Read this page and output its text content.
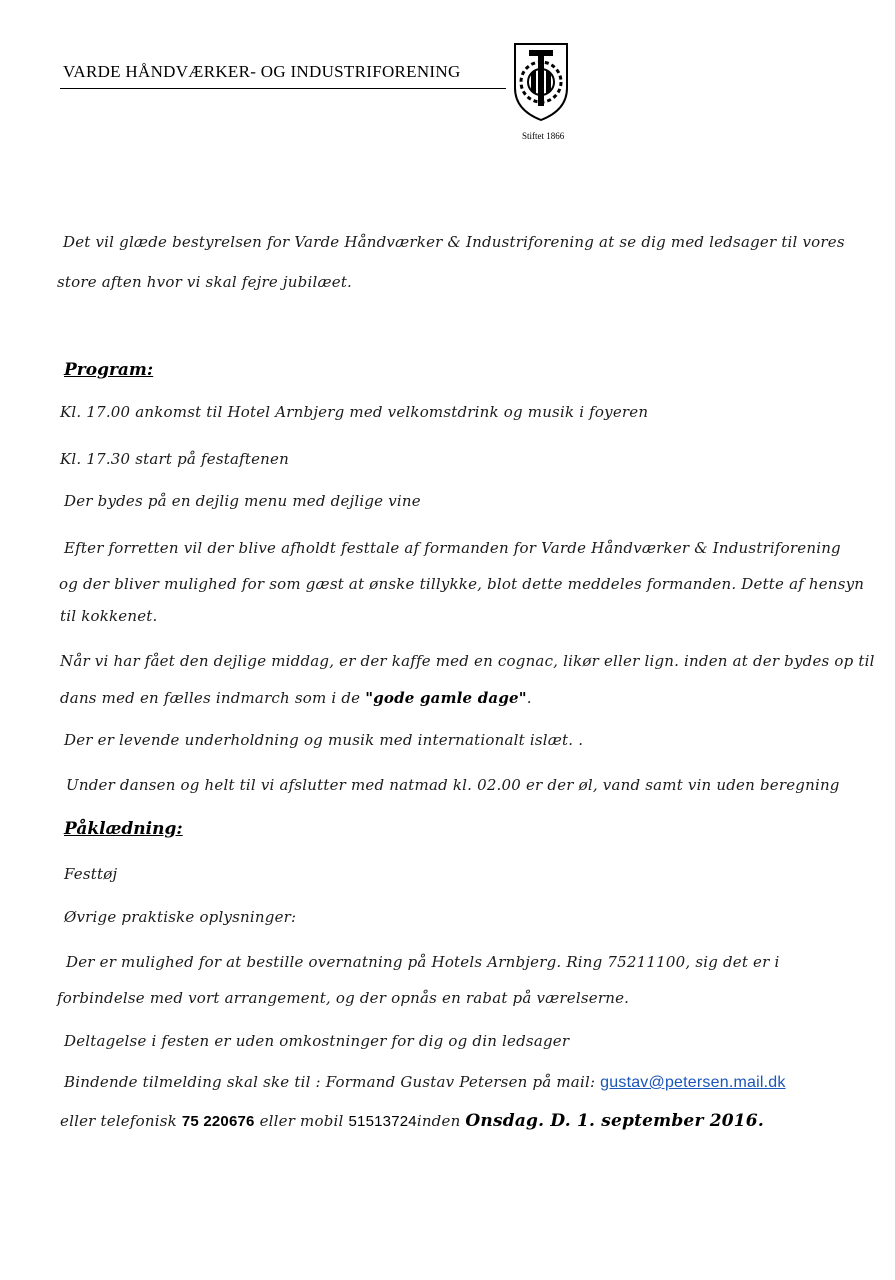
VARDE HÅNDVÆRKER- OG INDUSTRIFORENING
Stiftet 1866
Det vil glæde bestyrelsen for Varde Håndværker & Industriforening at se dig med ledsager til vores
store aften hvor vi skal fejre jubilæet.
Program:
Kl. 17.00 ankomst til Hotel Arnbjerg med velkomstdrink og musik i foyeren
Kl. 17.30 start på festaftenen
Der bydes på en dejlig menu med dejlige vine
Efter forretten vil der blive afholdt festtale af formanden for Varde Håndværker & Industriforening
og der bliver mulighed for som gæst at ønske tillykke, blot dette meddeles formanden. Dette af hensyn
til kokkenet.
Når vi har fået den dejlige middag, er der kaffe med en cognac, likør eller lign. inden at der bydes op til
dans med en fælles indmarch som i de "gode gamle dage".
Der er levende underholdning og musik med internationalt islæt. .
Under dansen og helt til vi afslutter med natmad kl. 02.00 er der øl, vand samt vin uden beregning
Påklædning:
Festtøj
Øvrige praktiske oplysninger:
Der er mulighed for at bestille overnatning på Hotels Arnbjerg. Ring 75211100, sig det er i
forbindelse med vort arrangement, og der opnås en rabat på værelserne.
Deltagelse i festen er uden omkostninger for dig og din ledsager
Bindende tilmelding skal ske til : Formand Gustav Petersen på mail: gustav@petersen.mail.dk
eller telefonisk 75 220676 eller mobil 51513724inden Onsdag. D. 1. september 2016.
